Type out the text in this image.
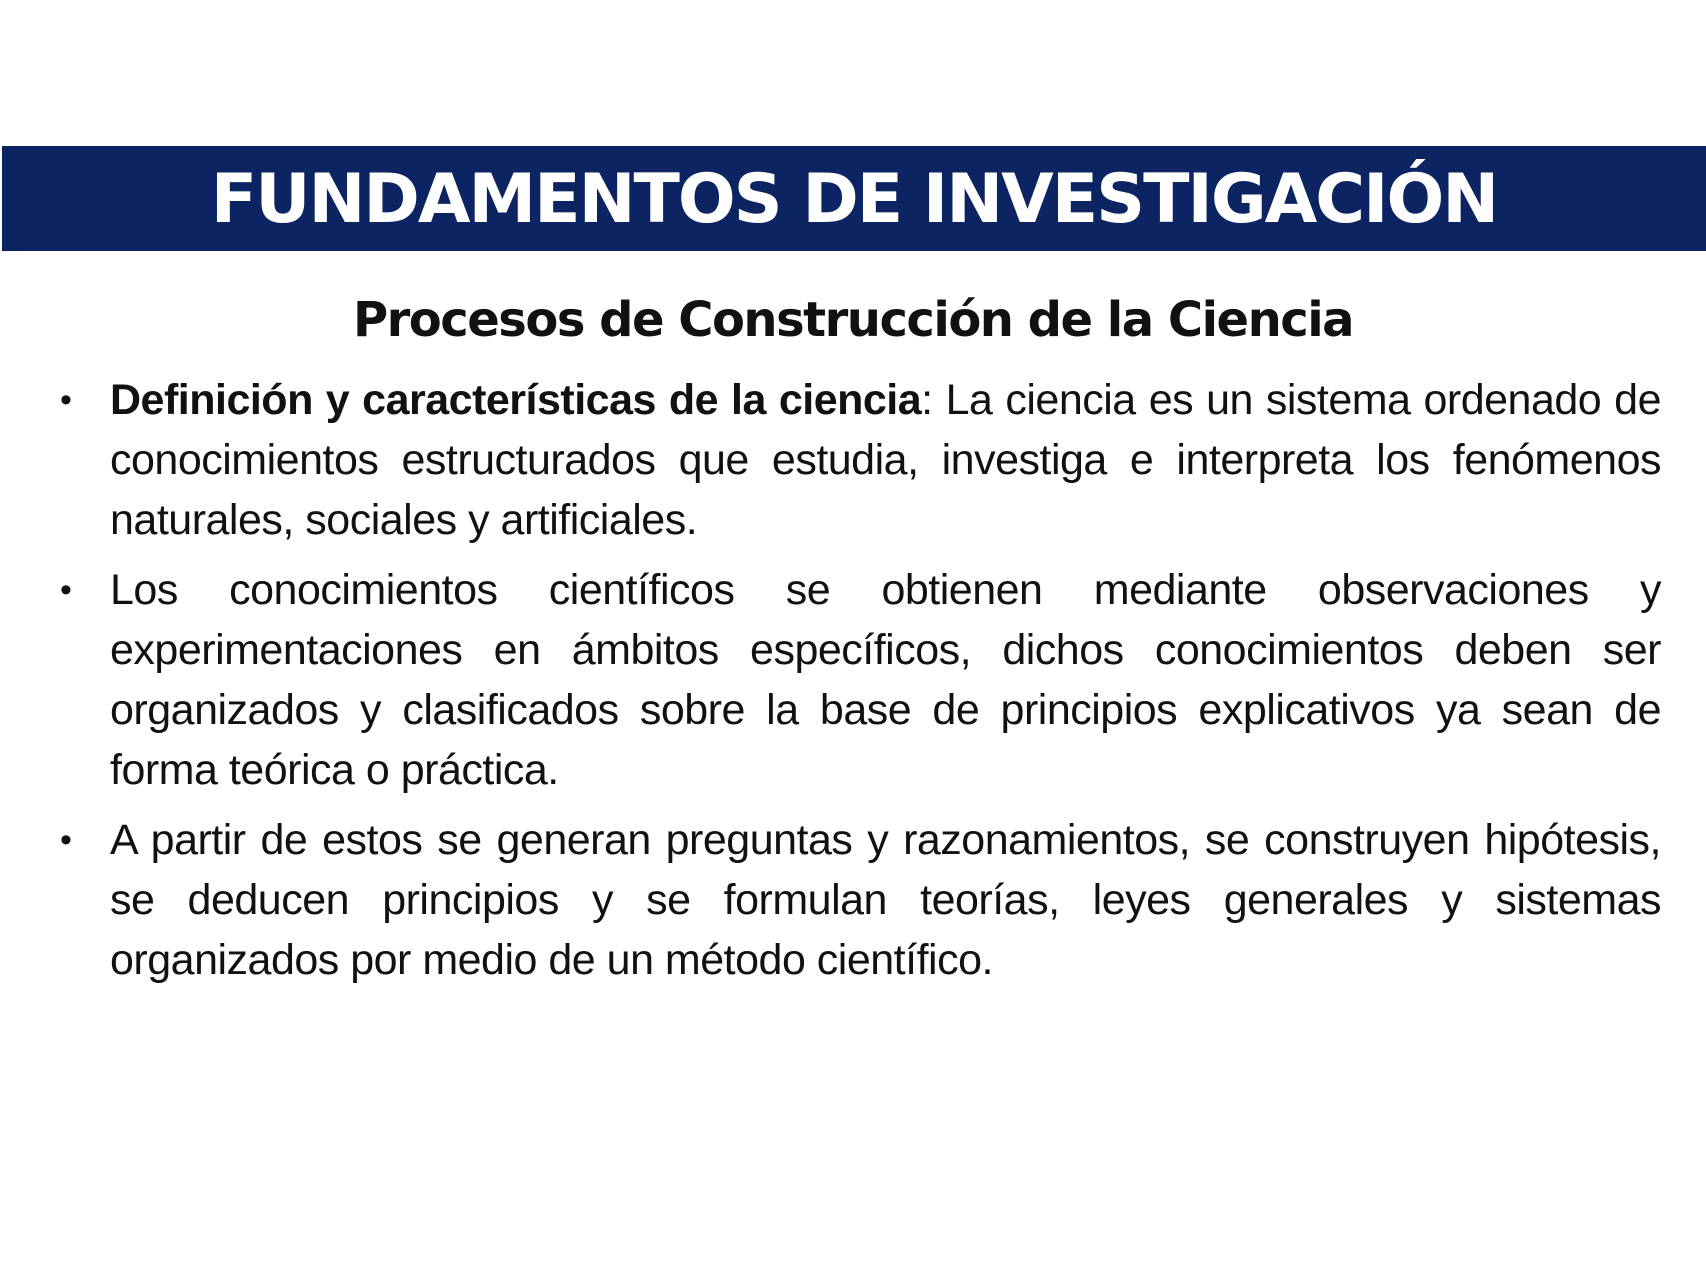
FUNDAMENTOS DE INVESTIGACIÓN
Procesos de Construcción de la Ciencia
• Definición y características de la ciencia: La ciencia es un sistema ordenado de conocimientos estructurados que estudia, investiga e interpreta los fenómenos naturales, sociales y artificiales.
• Los conocimientos científicos se obtienen mediante observaciones y experimentaciones en ámbitos específicos, dichos conocimientos deben ser organizados y clasificados sobre la base de principios explicativos ya sean de forma teórica o práctica.
• A partir de estos se generan preguntas y razonamientos, se construyen hipótesis, se deducen principios y se formulan teorías, leyes generales y sistemas organizados por medio de un método científico.
